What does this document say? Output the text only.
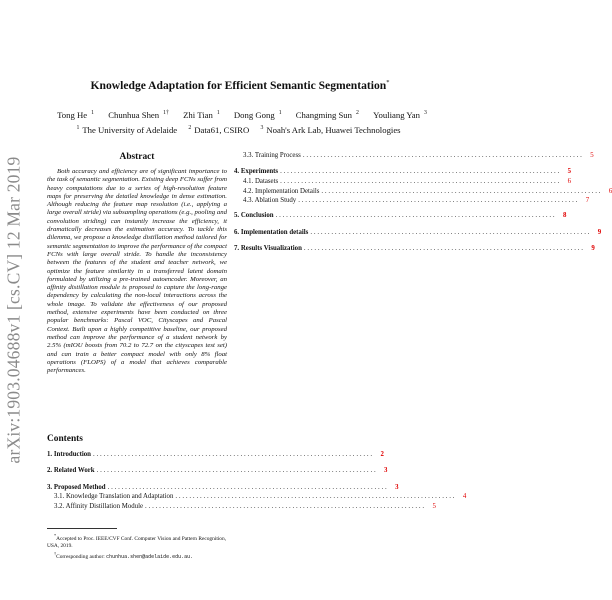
arXiv:1903.04688v1 [cs.CV] 12 Mar 2019
Knowledge Adaptation for Efficient Semantic Segmentation*
Tong He $^1$ Chunhua Shen $^{1\dagger}$ Zhi Tian $^1$ Dong Gong $^1$ Changming Sun $^2$ Youliang Yan $^3$
$^1$ The University of Adelaide $^2$ Data61, CSIRO $^3$ Noah's Ark Lab, Huawei Technologies
Abstract

Both accuracy and efficiency are of significant importance to the task of semantic segmentation. Existing deep FCNs suffer from heavy computations due to a series of high-resolution feature maps for preserving the detailed knowledge in dense estimation. Although reducing the feature map resolution (i.e., applying a large overall stride) via subsampling operations (e.g., pooling and convolution striding) can instantly increase the efficiency, it dramatically decreases the estimation accuracy. To tackle this dilemma, we propose a knowledge distillation method tailored for semantic segmentation to improve the performance of the compact FCNs with large overall stride. To handle the inconsistency between the features of the student and teacher network, we optimize the feature similarity in a transferred latent domain formulated by utilizing a pre-trained autoencoder. Moreover, an affinity distillation module is proposed to capture the long-range dependency by calculating the non-local interactions across the whole image. To validate the effectiveness of our proposed method, extensive experiments have been conducted on three popular benchmarks: Pascal VOC, Cityscapes and Pascal Context. Built upon a highly competitive baseline, our proposed method can improve the performance of a student network by 2.5% (mIOU boosts from 70.2 to 72.7 on the cityscapes test set) and can train a better compact model with only 8% float operations (FLOPS) of a model that achieves comparable performances.

Contents
1. Introduction ................................................................................ 2
2. Related Work ................................................................................ 3
3. Proposed Method ................................................................................ 3
3.1. Knowledge Translation and Adaptation ................................................................................ 4
3.2. Affinity Distillation Module ................................................................................ 5
3.3. Training Process ................................................................................ 5
4. Experiments ................................................................................ 5
4.1. Datasets ................................................................................ 6
4.2. Implementation Details ................................................................................ 6
4.3. Ablation Study ................................................................................ 7
5. Conclusion ................................................................................ 8
6. Implementation details ................................................................................ 9
7. Results Visualization ................................................................................ 9

*Accepted to Proc. IEEE/CVF Conf. Computer Vision and Pattern Recognition, USA, 2019.

†Corresponding author: chunhua.shen@adelaide.edu.au.
